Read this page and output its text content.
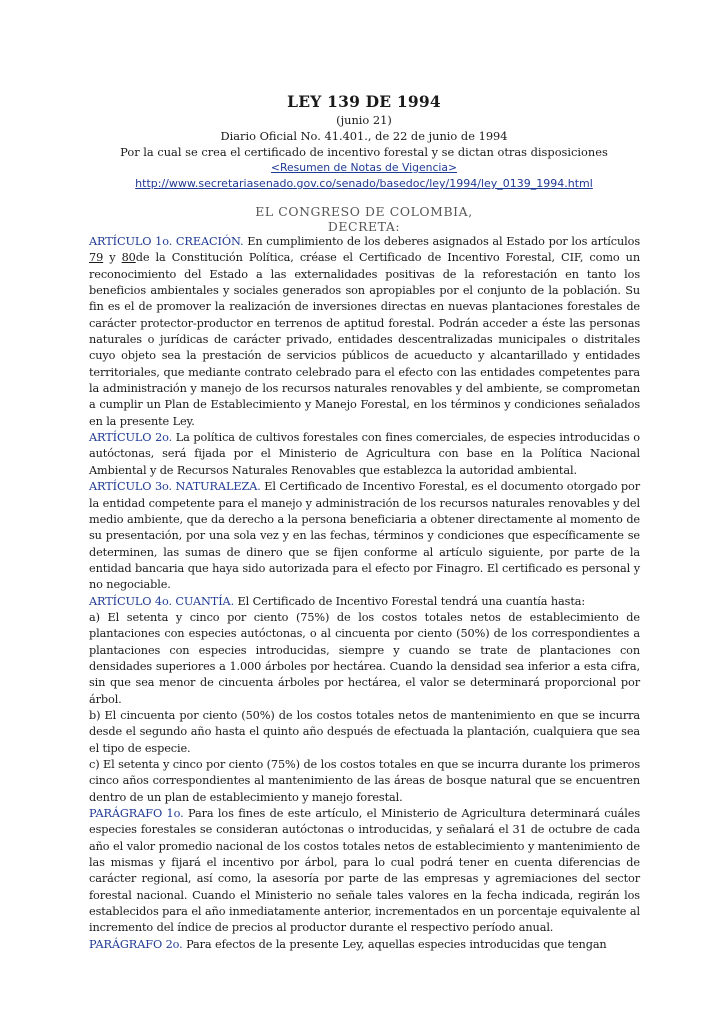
LEY 139 DE 1994
(junio 21)
Diario Oficial No. 41.401., de 22 de junio de 1994
Por la cual se crea el certificado de incentivo forestal y se dictan otras disposiciones
<Resumen de Notas de Vigencia>
http://www.secretariasenado.gov.co/senado/basedoc/ley/1994/ley_0139_1994.html
EL CONGRESO DE COLOMBIA,
DECRETA:

ARTÍCULO 1o. CREACIÓN. En cumplimiento de los deberes asignados al Estado por los artículos 79 y 80de la Constitución Política, créase el Certificado de Incentivo Forestal, CIF, como un reconocimiento del Estado a las externalidades positivas de la reforestación en tanto los beneficios ambientales y sociales generados son apropiables por el conjunto de la población. Su fin es el de promover la realización de inversiones directas en nuevas plantaciones forestales de carácter protector-productor en terrenos de aptitud forestal. Podrán acceder a éste las personas naturales o jurídicas de carácter privado, entidades descentralizadas municipales o distritales cuyo objeto sea la prestación de servicios públicos de acueducto y alcantarillado y entidades territoriales, que mediante contrato celebrado para el efecto con las entidades competentes para la administración y manejo de los recursos naturales renovables y del ambiente, se comprometan a cumplir un Plan de Establecimiento y Manejo Forestal, en los términos y condiciones señalados en la presente Ley.

ARTÍCULO 2o. La política de cultivos forestales con fines comerciales, de especies introducidas o autóctonas, será fijada por el Ministerio de Agricultura con base en la Política Nacional Ambiental y de Recursos Naturales Renovables que establezca la autoridad ambiental.

ARTÍCULO 3o. NATURALEZA. El Certificado de Incentivo Forestal, es el documento otorgado por la entidad competente para el manejo y administración de los recursos naturales renovables y del medio ambiente, que da derecho a la persona beneficiaria a obtener directamente al momento de su presentación, por una sola vez y en las fechas, términos y condiciones que específicamente se determinen, las sumas de dinero que se fijen conforme al artículo siguiente, por parte de la entidad bancaria que haya sido autorizada para el efecto por Finagro. El certificado es personal y no negociable.

ARTÍCULO 4o. CUANTÍA. El Certificado de Incentivo Forestal tendrá una cuantía hasta:

a) El setenta y cinco por ciento (75%) de los costos totales netos de establecimiento de plantaciones con especies autóctonas, o al cincuenta por ciento (50%) de los correspondientes a plantaciones con especies introducidas, siempre y cuando se trate de plantaciones con densidades superiores a 1.000 árboles por hectárea. Cuando la densidad sea inferior a esta cifra, sin que sea menor de cincuenta árboles por hectárea, el valor se determinará proporcional por árbol.

b) El cincuenta por ciento (50%) de los costos totales netos de mantenimiento en que se incurra desde el segundo año hasta el quinto año después de efectuada la plantación, cualquiera que sea el tipo de especie.

c) El setenta y cinco por ciento (75%) de los costos totales en que se incurra durante los primeros cinco años correspondientes al mantenimiento de las áreas de bosque natural que se encuentren dentro de un plan de establecimiento y manejo forestal.

PARÁGRAFO 1o. Para los fines de este artículo, el Ministerio de Agricultura determinará cuáles especies forestales se consideran autóctonas o introducidas, y señalará el 31 de octubre de cada año el valor promedio nacional de los costos totales netos de establecimiento y mantenimiento de las mismas y fijará el incentivo por árbol, para lo cual podrá tener en cuenta diferencias de carácter regional, así como, la asesoría por parte de las empresas y agremiaciones del sector forestal nacional. Cuando el Ministerio no señale tales valores en la fecha indicada, regirán los establecidos para el año inmediatamente anterior, incrementados en un porcentaje equivalente al incremento del índice de precios al productor durante el respectivo período anual.

PARÁGRAFO 2o. Para efectos de la presente Ley, aquellas especies introducidas que tengan
